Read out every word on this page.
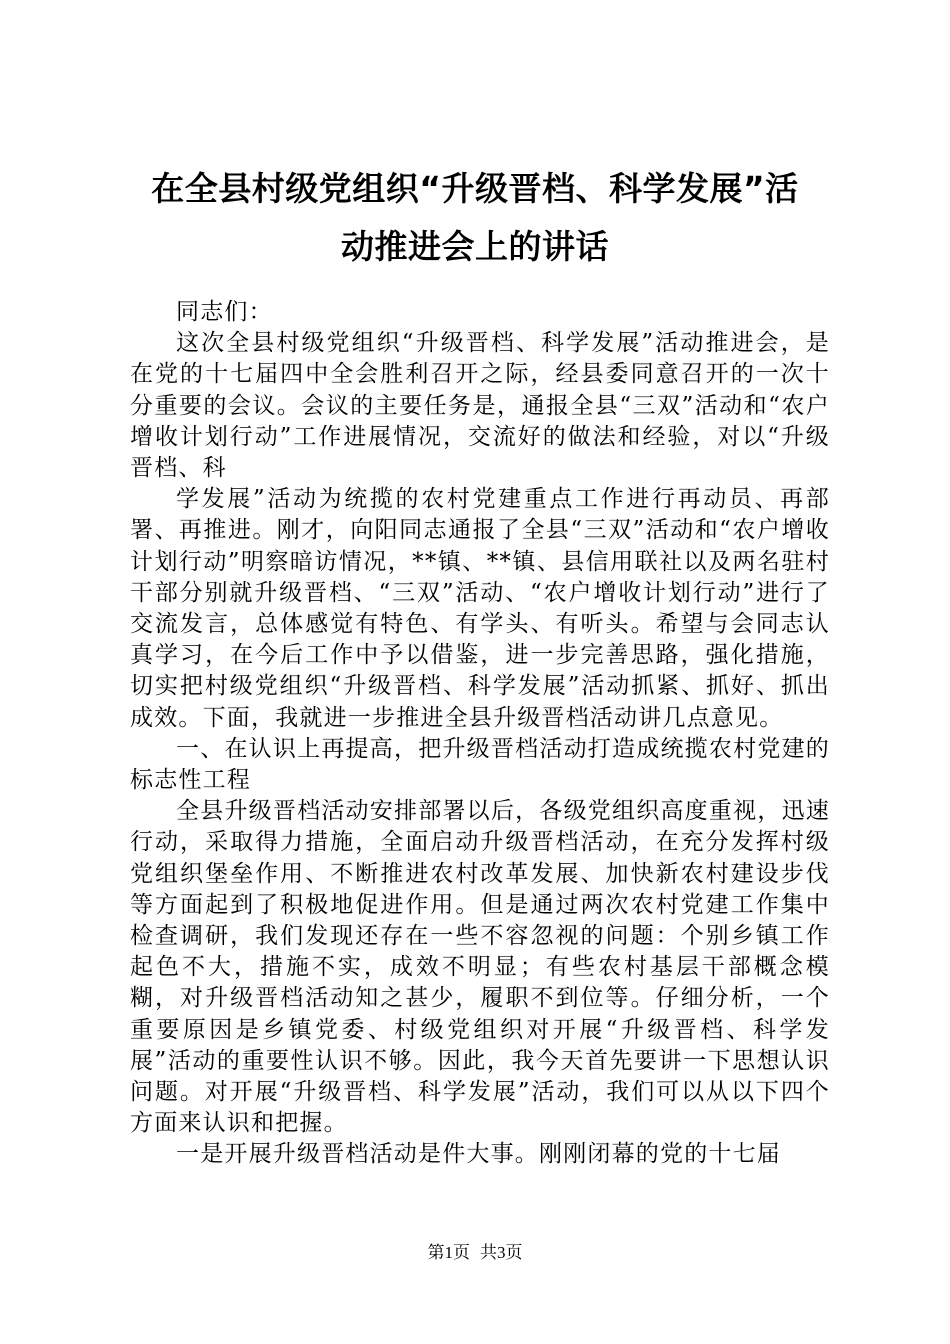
在全县村级党组织“升级晋档、科学发展”活
动推进会上的讲话

同志们：

这次全县村级党组织“升级晋档、科学发展”活动推进会，是在党的十七届四中全会胜利召开之际，经县委同意召开的一次十分重要的会议。会议的主要任务是，通报全县“三双”活动和“农户增收计划行动”工作进展情况，交流好的做法和经验，对以“升级晋档、科

学发展”活动为统揽的农村党建重点工作进行再动员、再部署、再推进。刚才，向阳同志通报了全县“三双”活动和“农户增收计划行动”明察暗访情况，**镇、**镇、县信用联社以及两名驻村干部分别就升级晋档、“三双”活动、“农户增收计划行动”进行了交流发言，总体感觉有特色、有学头、有听头。希望与会同志认真学习，在今后工作中予以借鉴，进一步完善思路，强化措施，切实把村级党组织“升级晋档、科学发展”活动抓紧、抓好、抓出成效。下面，我就进一步推进全县升级晋档活动讲几点意见。

一、在认识上再提高，把升级晋档活动打造成统揽农村党建的标志性工程

全县升级晋档活动安排部署以后，各级党组织高度重视，迅速行动，采取得力措施，全面启动升级晋档活动，在充分发挥村级党组织堡垒作用、不断推进农村改革发展、加快新农村建设步伐等方面起到了积极地促进作用。但是通过两次农村党建工作集中检查调研，我们发现还存在一些不容忽视的问题：个别乡镇工作起色不大，措施不实，成效不明显；有些农村基层干部概念模糊，对升级晋档活动知之甚少，履职不到位等。仔细分析，一个重要原因是乡镇党委、村级党组织对开展“升级晋档、科学发展”活动的重要性认识不够。因此，我今天首先要讲一下思想认识问题。对开展“升级晋档、科学发展”活动，我们可以从以下四个方面来认识和把握。

一是开展升级晋档活动是件大事。刚刚闭幕的党的十七届

第1页 共3页
